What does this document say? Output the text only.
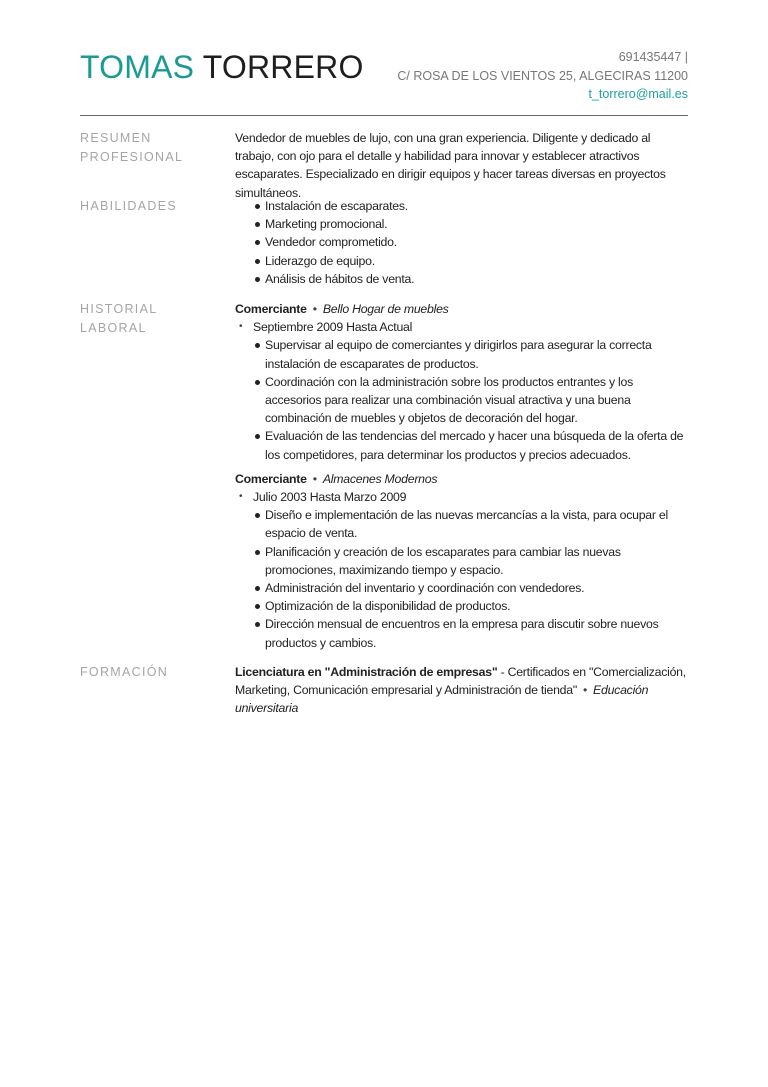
TOMAS TORRERO	691435447 |
C/ ROSA DE LOS VIENTOS 25, ALGECIRAS 11200
t_torrero@mail.es
RESUMEN
PROFESIONAL
Vendedor de muebles de lujo, con una gran experiencia. Diligente y dedicado al trabajo, con ojo para el detalle y habilidad para innovar y establecer atractivos escaparates. Especializado en dirigir equipos y hacer tareas diversas en proyectos simultáneos.
HABILIDADES	Instalación de escaparates.
Marketing promocional.
Vendedor comprometido.
Liderazgo de equipo.
Análisis de hábitos de venta.
HISTORIAL LABORAL
Comerciante • Bello Hogar de muebles
• Septiembre 2009 Hasta Actual
Supervisar al equipo de comerciantes y dirigirlos para asegurar la correcta instalación de escaparates de productos.
Coordinación con la administración sobre los productos entrantes y los accesorios para realizar una combinación visual atractiva y una buena combinación de muebles y objetos de decoración del hogar.
Evaluación de las tendencias del mercado y hacer una búsqueda de la oferta de los competidores, para determinar los productos y precios adecuados.
Comerciante • Almacenes Modernos
• Julio 2003 Hasta Marzo 2009
Diseño e implementación de las nuevas mercancías a la vista, para ocupar el espacio de venta.
Planificación y creación de los escaparates para cambiar las nuevas promociones, maximizando tiempo y espacio.
Administración del inventario y coordinación con vendedores.
Optimización de la disponibilidad de productos.
Dirección mensual de encuentros en la empresa para discutir sobre nuevos productos y cambios.
FORMACIÓN	Licenciatura en "Administración de empresas" - Certificados en "Comercialización, Marketing, Comunicación empresarial y Administración de tienda" • Educación universitaria
